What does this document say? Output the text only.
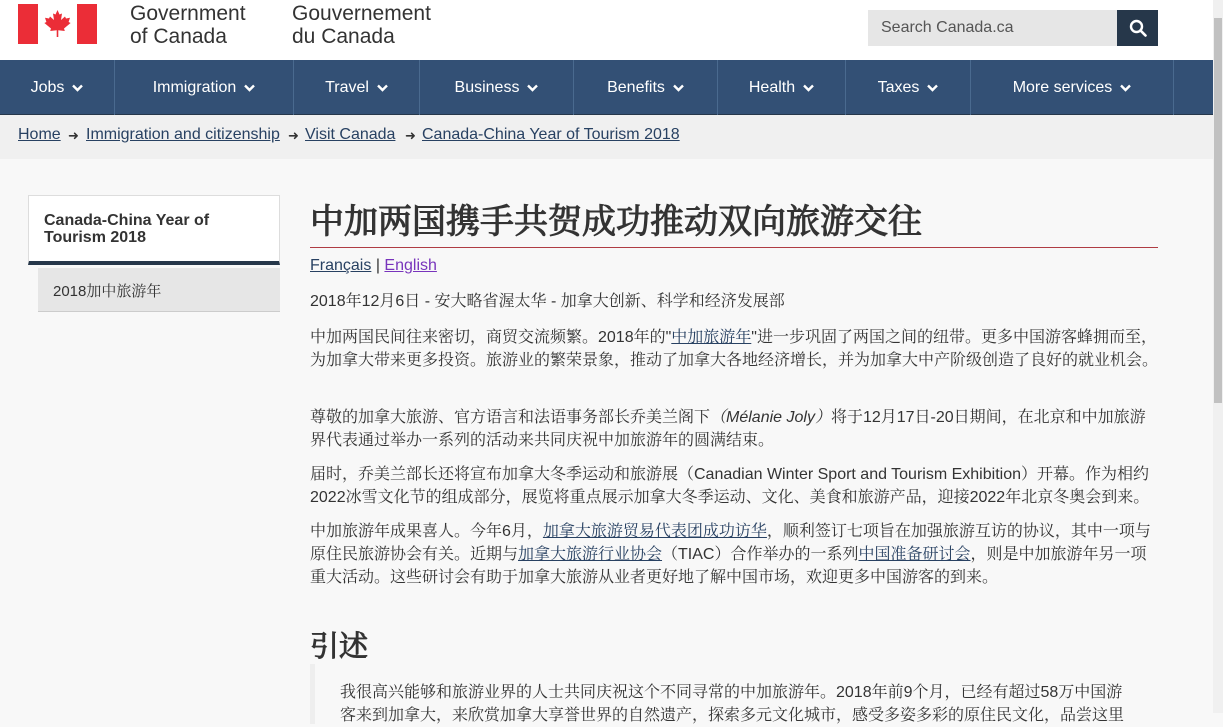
Government
of Canada
Gouvernement
du Canada	Search Canada.ca
Jobs	Immigration	Travel	Business	Benefits	Health	Taxes	More services
Home ➜ Immigration and citizenship ➜ Visit Canada ➜ Canada-China Year of Tourism 2018
Canada-China Year of Tourism 2018
2018加中旅游年
中加两国携手共贺成功推动双向旅游交往
Français | English
2018年12月6日 - 安大略省渥太华 - 加拿大创新、科学和经济发展部
中加两国民间往来密切，商贸交流频繁。2018年的"中加旅游年"进一步巩固了两国之间的纽带。更多中国游客蜂拥而至，为加拿大带来更多投资。旅游业的繁荣景象，推动了加拿大各地经济增长，并为加拿大中产阶级创造了良好的就业机会。
尊敬的加拿大旅游、官方语言和法语事务部长乔美兰阁下（Mélanie Joly）将于12月17日-20日期间，在北京和中加旅游界代表通过举办一系列的活动来共同庆祝中加旅游年的圆满结束。
届时，乔美兰部长还将宣布加拿大冬季运动和旅游展（Canadian Winter Sport and Tourism Exhibition）开幕。作为相约2022冰雪文化节的组成部分，展览将重点展示加拿大冬季运动、文化、美食和旅游产品，迎接2022年北京冬奥会到来。
中加旅游年成果喜人。今年6月，加拿大旅游贸易代表团成功访华，顺利签订七项旨在加强旅游互访的协议，其中一项与原住民旅游协会有关。近期与加拿大旅游行业协会（TIAC）合作举办的一系列中国准备研讨会，则是中加旅游年另一项重大活动。这些研讨会有助于加拿大旅游从业者更好地了解中国市场，欢迎更多中国游客的到来。
引述
我很高兴能够和旅游业界的人士共同庆祝这个不同寻常的中加旅游年。2018年前9个月，已经有超过58万中国游客来到加拿大，来欣赏加拿大享誉世界的自然遗产，探索多元文化城市，感受多姿多彩的原住民文化，品尝这里
